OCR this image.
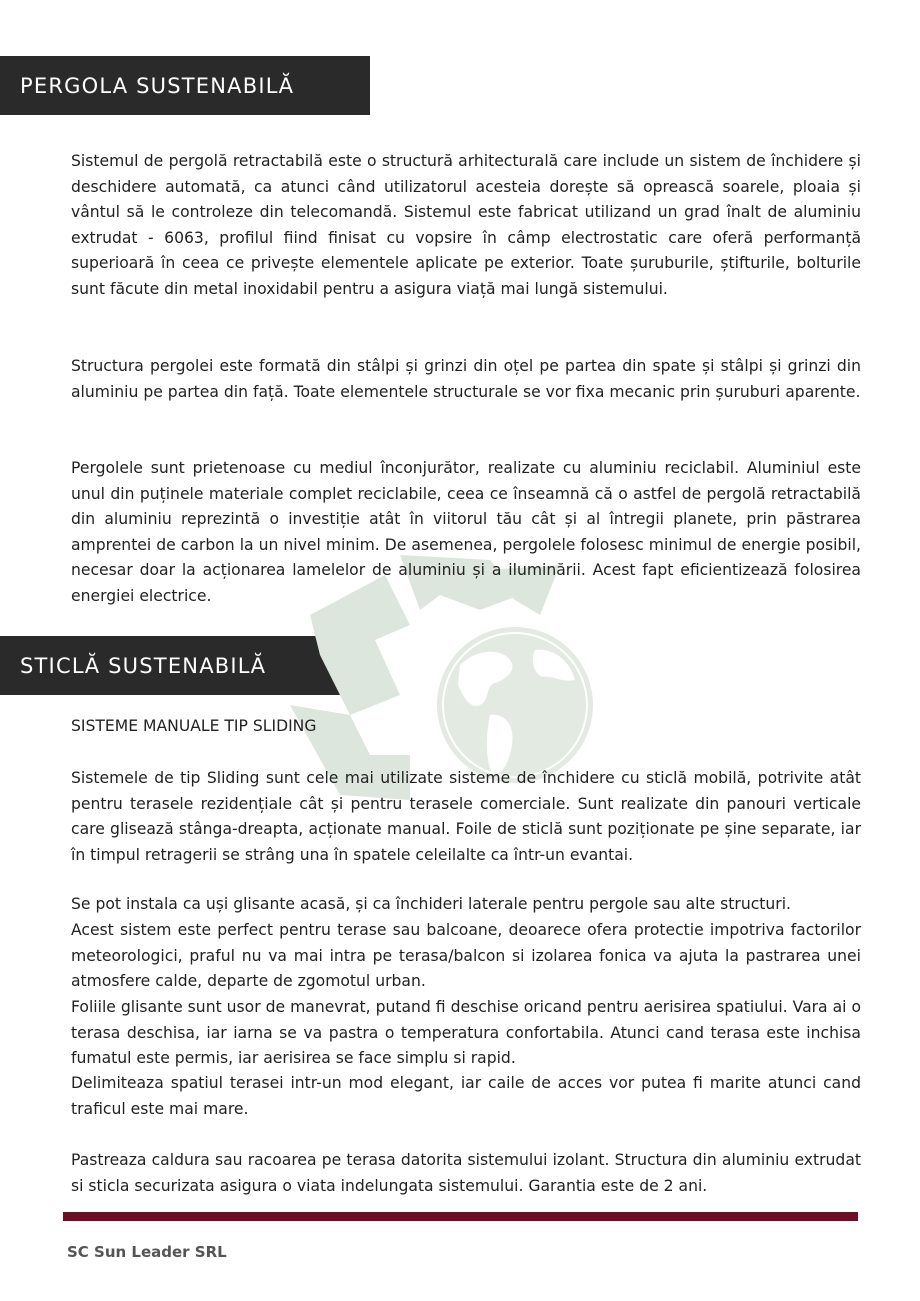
PERGOLA SUSTENABILĂ

Sistemul de pergolă retractabilă este o structură arhitecturală care include un sistem de închidere și deschidere automată, ca atunci când utilizatorul acesteia dorește să oprească soarele, ploaia și vântul să le controleze din telecomandă. Sistemul este fabricat utilizand un grad înalt de aluminiu extrudat - 6063, profilul fiind finisat cu vopsire în câmp electrostatic care oferă performanță superioară în ceea ce privește elementele aplicate pe exterior. Toate șuruburile, știfturile, bolturile sunt făcute din metal inoxidabil pentru a asigura viață mai lungă sistemului.

Structura pergolei este formată din stâlpi și grinzi din oțel pe partea din spate și stâlpi și grinzi din aluminiu pe partea din față. Toate elementele structurale se vor fixa mecanic prin șuruburi aparente.

Pergolele sunt prietenoase cu mediul înconjurător, realizate cu aluminiu reciclabil. Aluminiul este unul din puținele materiale complet reciclabile, ceea ce înseamnă că o astfel de pergolă retractabilă din aluminiu reprezintă o investiție atât în viitorul tău cât și al întregii planete, prin păstrarea amprentei de carbon la un nivel minim. De asemenea, pergolele folosesc minimul de energie posibil, necesar doar la acționarea lamelelor de aluminiu și a iluminării. Acest fapt eficientizează folosirea energiei electrice.

STICLĂ SUSTENABILĂ

SISTEME MANUALE TIP SLIDING

Sistemele de tip Sliding sunt cele mai utilizate sisteme de închidere cu sticlă mobilă, potrivite atât pentru terasele rezidențiale cât și pentru terasele comerciale. Sunt realizate din panouri verticale care glisează stânga-dreapta, acționate manual. Foile de sticlă sunt poziționate pe șine separate, iar în timpul retragerii se strâng una în spatele celeilalte ca într-un evantai.

Se pot instala ca uși glisante acasă, și ca închideri laterale pentru pergole sau alte structuri.

Acest sistem este perfect pentru terase sau balcoane, deoarece ofera protectie impotriva factorilor meteorologici, praful nu va mai intra pe terasa/balcon si izolarea fonica va ajuta la pastrarea unei atmosfere calde, departe de zgomotul urban.

Foliile glisante sunt usor de manevrat, putand fi deschise oricand pentru aerisirea spatiului. Vara ai o terasa deschisa, iar iarna se va pastra o temperatura confortabila. Atunci cand terasa este inchisa fumatul este permis, iar aerisirea se face simplu si rapid.

Delimiteaza spatiul terasei intr-un mod elegant, iar caile de acces vor putea fi marite atunci cand traficul este mai mare.

Pastreaza caldura sau racoarea pe terasa datorita sistemului izolant. Structura din aluminiu extrudat si sticla securizata asigura o viata indelungata sistemului. Garantia este de 2 ani.

SC Sun Leader SRL
